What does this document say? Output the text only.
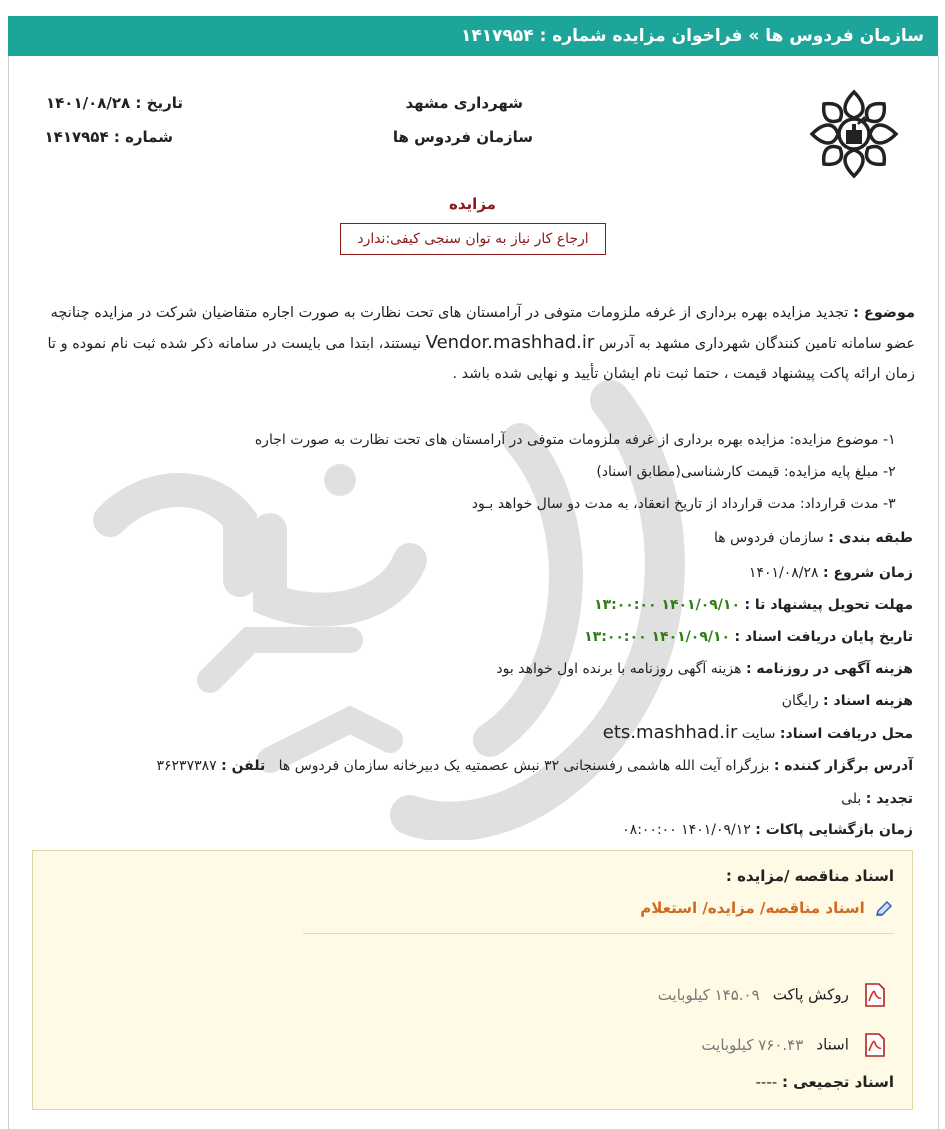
سازمان فردوس ها » فراخوان مزایده شماره : ۱۴۱۷۹۵۴
شهرداری مشهد
سازمان فردوس ها
تاریخ : ۱۴۰۱/۰۸/۲۸
شماره : ۱۴۱۷۹۵۴
مزایده
ارجاع کار نیاز به توان سنجی کیفی:ندارد
موضوع : تجدید مزایده بهره برداری از غرفه ملزومات متوفی در آرامستان های تحت نظارت به صورت اجاره متقاضیان شرکت در مزایده چنانچه عضو سامانه تامین کنندگان شهرداری مشهد به آدرس Vendor.mashhad.ir نیستند، ابتدا می بایست در سامانه ذکر شده ثبت نام نموده و تا زمان ارائه پاکت پیشنهاد قیمت ، حتما ثبت نام ایشان تأیید و نهایی شده باشد .
۱- موضوع مزایده: مزایده بهره برداری از غرفه ملزومات متوفی در آرامستان های تحت نظارت به صورت اجاره
۲- مبلغ پایه مزایده: قیمت کارشناسی(مطابق اسناد)
۳- مدت قرارداد: مدت قرارداد از تاریخ انعقاد، به مدت دو سال خواهد بـود
طبقه بندی : سازمان فردوس ها
زمان شروع : ۱۴۰۱/۰۸/۲۸
مهلت تحویل پیشنهاد تا : ۱۴۰۱/۰۹/۱۰ ۱۳:۰۰:۰۰
تاریخ پایان دریافت اسناد : ۱۴۰۱/۰۹/۱۰ ۱۳:۰۰:۰۰
هزینه آگهی در روزنامه : هزینه آگهی روزنامه با برنده اول خواهد بود
هزینه اسناد : رایگان
محل دریافت اسناد: سایت ets.mashhad.ir
آدرس برگزار کننده : بزرگراه آیت الله هاشمی رفسنجانی ۳۲ نبش عصمتیه یک دبیرخانه سازمان فردوس ها   تلفن : ۳۶۲۳۷۳۸۷
تجدید : بلی
زمان بازگشایی پاکات : ۱۴۰۱/۰۹/۱۲ ۰۸:۰۰:۰۰
اسناد مناقصه /مزایده :
اسناد مناقصه/ مزایده/ استعلام
روکش پاکت ۱۴۵.۰۹ کیلوبایت
اسناد ۷۶۰.۴۳ کیلوبایت
اسناد تجمیعی : ----
